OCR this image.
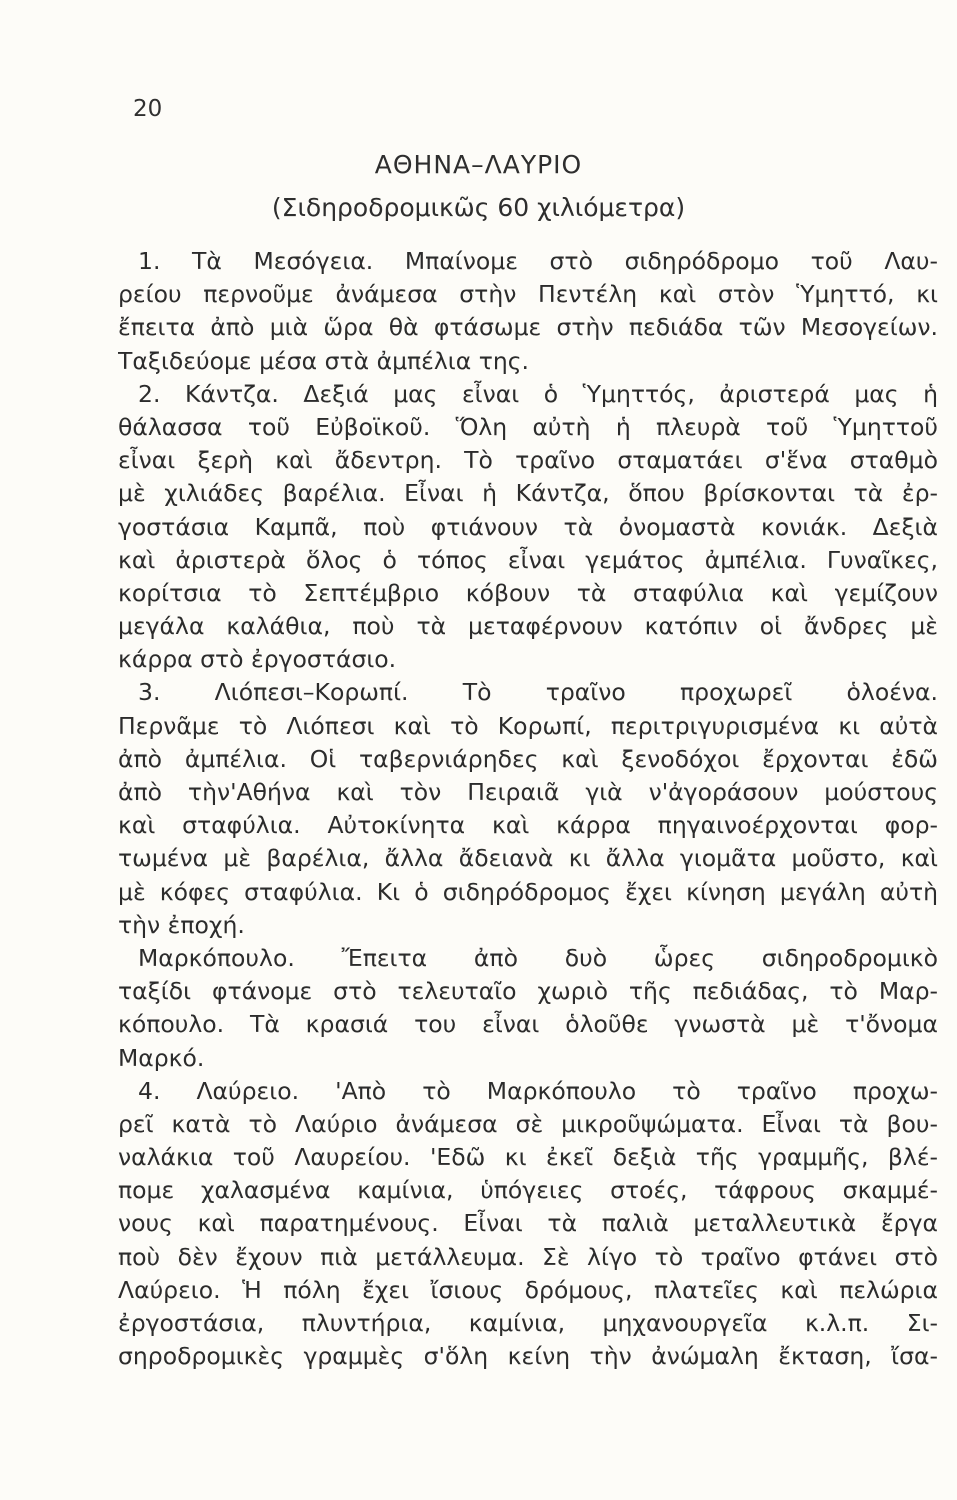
20
ΑΘΗΝΑ–ΛΑΥΡΙΟ
(Σιδηροδρομικῶς 60 χιλιόμετρα)
1. Τὰ Μεσόγεια. Μπαίνομε στὸ σιδηρόδρομο τοῦ Λαυ-
ρείου περνοῦμε ἀνάμεσα στὴν Πεντέλη καὶ στὸν Ὑμηττό, κι
ἔπειτα ἀπὸ μιὰ ὥρα θὰ φτάσωμε στὴν πεδιάδα τῶν Μεσογείων.
Ταξιδεύομε μέσα στὰ ἀμπέλια της.
2. Κάντζα. Δεξιά μας εἶναι ὁ Ὑμηττός, ἀριστερά μας ἡ
θάλασσα τοῦ Εὐβοϊκοῦ. Ὅλη αὐτὴ ἡ πλευρὰ τοῦ Ὑμηττοῦ
εἶναι ξερὴ καὶ ἄδεντρη. Τὸ τραῖνο σταματάει σ'ἕνα σταθμὸ
μὲ χιλιάδες βαρέλια. Εἶναι ἡ Κάντζα, ὅπου βρίσκονται τὰ ἐρ-
γοστάσια Καμπᾶ, ποὺ φτιάνουν τὰ ὀνομαστὰ κονιάκ. Δεξιὰ
καὶ ἀριστερὰ ὅλος ὁ τόπος εἶναι γεμάτος ἀμπέλια. Γυναῖκες,
κορίτσια τὸ Σεπτέμβριο κόβουν τὰ σταφύλια καὶ γεμίζουν
μεγάλα καλάθια, ποὺ τὰ μεταφέρνουν κατόπιν οἱ ἄνδρες μὲ
κάρρα στὸ ἐργοστάσιο.
3. Λιόπεσι–Κορωπί. Τὸ τραῖνο προχωρεῖ ὁλοένα.
Περνᾶμε τὸ Λιόπεσι καὶ τὸ Κορωπί, περιτριγυρισμένα κι αὐτὰ
ἀπὸ ἀμπέλια. Οἱ ταβερνιάρηδες καὶ ξενοδόχοι ἔρχονται ἐδῶ
ἀπὸ τὴν'Αθήνα καὶ τὸν Πειραιᾶ γιὰ ν'ἀγοράσουν μούστους
καὶ σταφύλια. Αὐτοκίνητα καὶ κάρρα πηγαινοέρχονται φορ-
τωμένα μὲ βαρέλια, ἄλλα ἄδειανὰ κι ἄλλα γιομᾶτα μοῦστο, καὶ
μὲ κόφες σταφύλια. Κι ὁ σιδηρόδρομος ἔχει κίνηση μεγάλη αὐτὴ
τὴν ἐποχή.
Μαρκόπουλο. Ἔπειτα ἀπὸ δυὸ ὧρες σιδηροδρομικὸ
ταξίδι φτάνομε στὸ τελευταῖο χωριὸ τῆς πεδιάδας, τὸ Μαρ-
κόπουλο. Τὰ κρασιά του εἶναι ὁλοῦθε γνωστὰ μὲ τ'ὄνομα
Μαρκό.
4. Λαύρειο. 'Απὸ τὸ Μαρκόπουλο τὸ τραῖνο προχω-
ρεῖ κατὰ τὸ Λαύριο ἀνάμεσα σὲ μικροῦψώματα. Εἶναι τὰ βου-
ναλάκια τοῦ Λαυρείου. 'Εδῶ κι ἐκεῖ δεξιὰ τῆς γραμμῆς, βλέ-
πομε χαλασμένα καμίνια, ὑπόγειες στοές, τάφρους σκαμμέ-
νους καὶ παρατημένους. Εἶναι τὰ παλιὰ μεταλλευτικὰ ἔργα
ποὺ δὲν ἔχουν πιὰ μετάλλευμα. Σὲ λίγο τὸ τραῖνο φτάνει στὸ
Λαύρειο. Ἡ πόλη ἔχει ἴσιους δρόμους, πλατεῖες καὶ πελώρια
ἐργοστάσια, πλυντήρια, καμίνια, μηχανουργεῖα κ.λ.π. Σι-
σηροδρομικὲς γραμμὲς σ'ὅλη κείνη τὴν ἀνώμαλη ἔκταση, ἴσα-
